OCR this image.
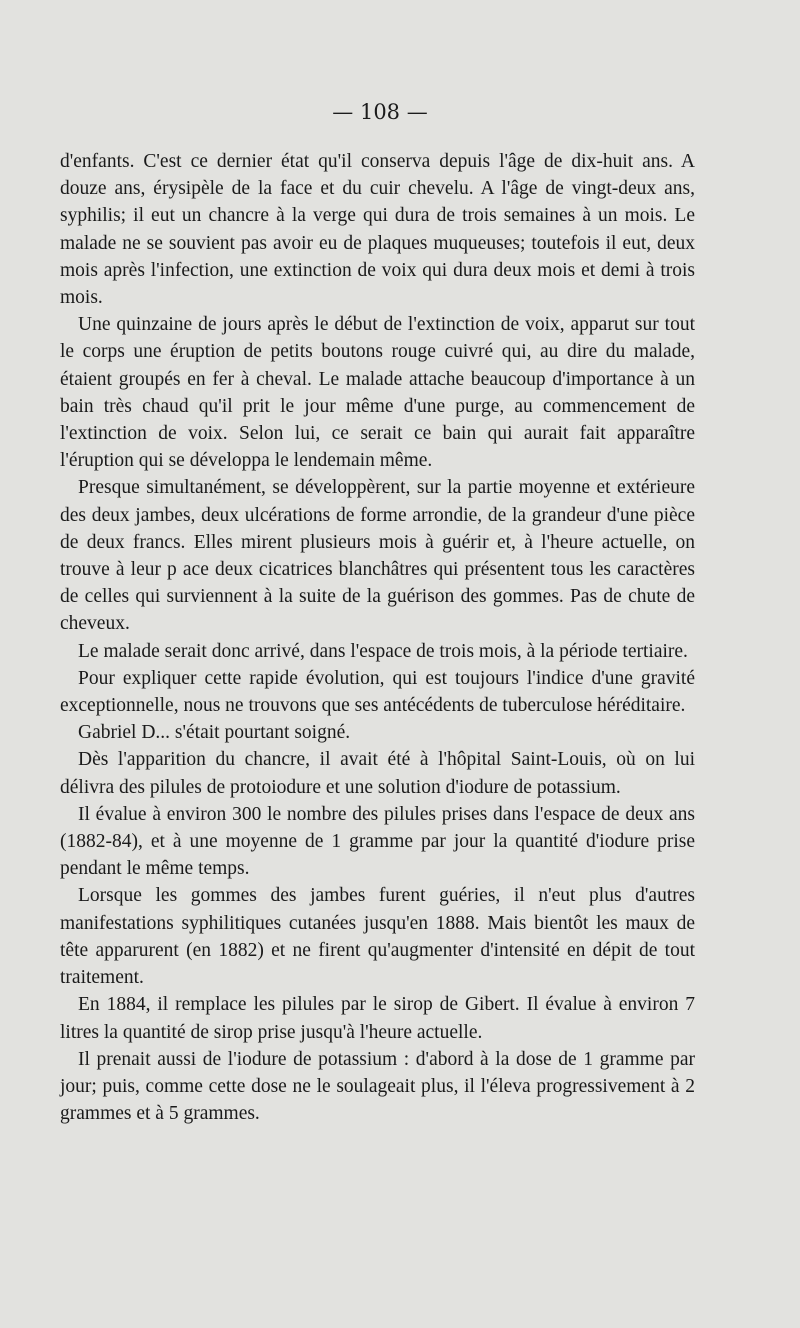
— 108 —

d'enfants. C'est ce dernier état qu'il conserva depuis l'âge de dix-huit ans. A douze ans, érysipèle de la face et du cuir chevelu. A l'âge de vingt-deux ans, syphilis; il eut un chancre à la verge qui dura de trois semaines à un mois. Le malade ne se souvient pas avoir eu de plaques muqueuses; toutefois il eut, deux mois après l'infection, une extinction de voix qui dura deux mois et demi à trois mois.

Une quinzaine de jours après le début de l'extinction de voix, apparut sur tout le corps une éruption de petits boutons rouge cuivré qui, au dire du malade, étaient groupés en fer à cheval. Le malade attache beaucoup d'importance à un bain très chaud qu'il prit le jour même d'une purge, au commencement de l'extinction de voix. Selon lui, ce serait ce bain qui aurait fait apparaître l'éruption qui se développa le lendemain même.

Presque simultanément, se développèrent, sur la partie moyenne et extérieure des deux jambes, deux ulcérations de forme arrondie, de la grandeur d'une pièce de deux francs. Elles mirent plusieurs mois à guérir et, à l'heure actuelle, on trouve à leur p ace deux cicatrices blanchâtres qui présentent tous les caractères de celles qui surviennent à la suite de la guérison des gommes. Pas de chute de cheveux.

Le malade serait donc arrivé, dans l'espace de trois mois, à la période tertiaire.

Pour expliquer cette rapide évolution, qui est toujours l'indice d'une gravité exceptionnelle, nous ne trouvons que ses antécédents de tuberculose héréditaire.

Gabriel D... s'était pourtant soigné.

Dès l'apparition du chancre, il avait été à l'hôpital Saint-Louis, où on lui délivra des pilules de protoiodure et une solution d'iodure de potassium.

Il évalue à environ 300 le nombre des pilules prises dans l'espace de deux ans (1882-84), et à une moyenne de 1 gramme par jour la quantité d'iodure prise pendant le même temps.

Lorsque les gommes des jambes furent guéries, il n'eut plus d'autres manifestations syphilitiques cutanées jusqu'en 1888. Mais bientôt les maux de tête apparurent (en 1882) et ne firent qu'augmenter d'intensité en dépit de tout traitement.

En 1884, il remplace les pilules par le sirop de Gibert. Il évalue à environ 7 litres la quantité de sirop prise jusqu'à l'heure actuelle.

Il prenait aussi de l'iodure de potassium : d'abord à la dose de 1 gramme par jour; puis, comme cette dose ne le soulageait plus, il l'éleva progressivement à 2 grammes et à 5 grammes.
